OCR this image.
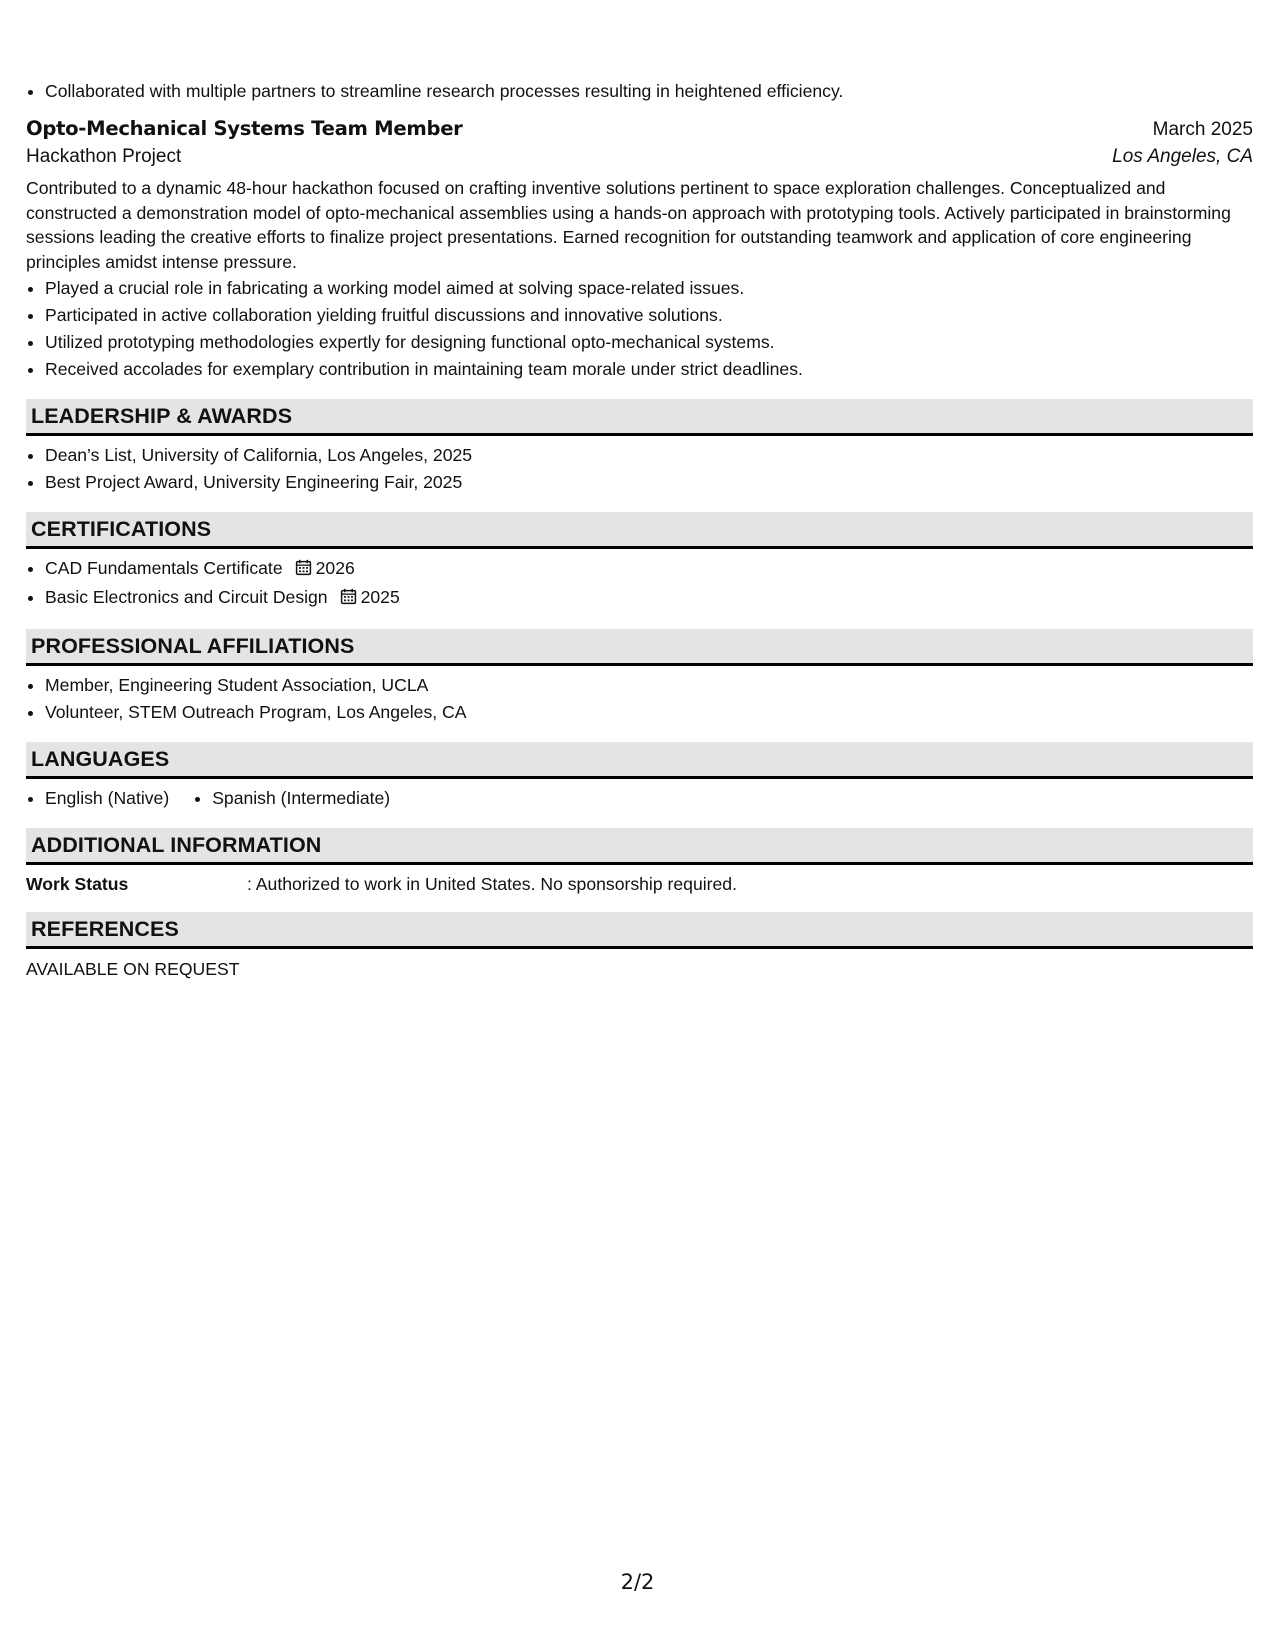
• Collaborated with multiple partners to streamline research processes resulting in heightened efficiency.
Opto-Mechanical Systems Team Member	March 2025
Hackathon Project	Los Angeles, CA
Contributed to a dynamic 48-hour hackathon focused on crafting inventive solutions pertinent to space exploration challenges. Conceptualized and constructed a demonstration model of opto-mechanical assemblies using a hands-on approach with prototyping tools. Actively participated in brainstorming sessions leading the creative efforts to finalize project presentations. Earned recognition for outstanding teamwork and application of core engineering principles amidst intense pressure.
• Played a crucial role in fabricating a working model aimed at solving space-related issues.
• Participated in active collaboration yielding fruitful discussions and innovative solutions.
• Utilized prototyping methodologies expertly for designing functional opto-mechanical systems.
• Received accolades for exemplary contribution in maintaining team morale under strict deadlines.
LEADERSHIP & AWARDS
• Dean’s List, University of California, Los Angeles, 2025
• Best Project Award, University Engineering Fair, 2025
CERTIFICATIONS
• CAD Fundamentals Certificate 2026
• Basic Electronics and Circuit Design 2025
PROFESSIONAL AFFILIATIONS
• Member, Engineering Student Association, UCLA
• Volunteer, STEM Outreach Program, Los Angeles, CA
LANGUAGES
• English (Native)
• Spanish (Intermediate)
ADDITIONAL INFORMATION
Work Status	: Authorized to work in United States. No sponsorship required.
REFERENCES
AVAILABLE ON REQUEST
2/2
